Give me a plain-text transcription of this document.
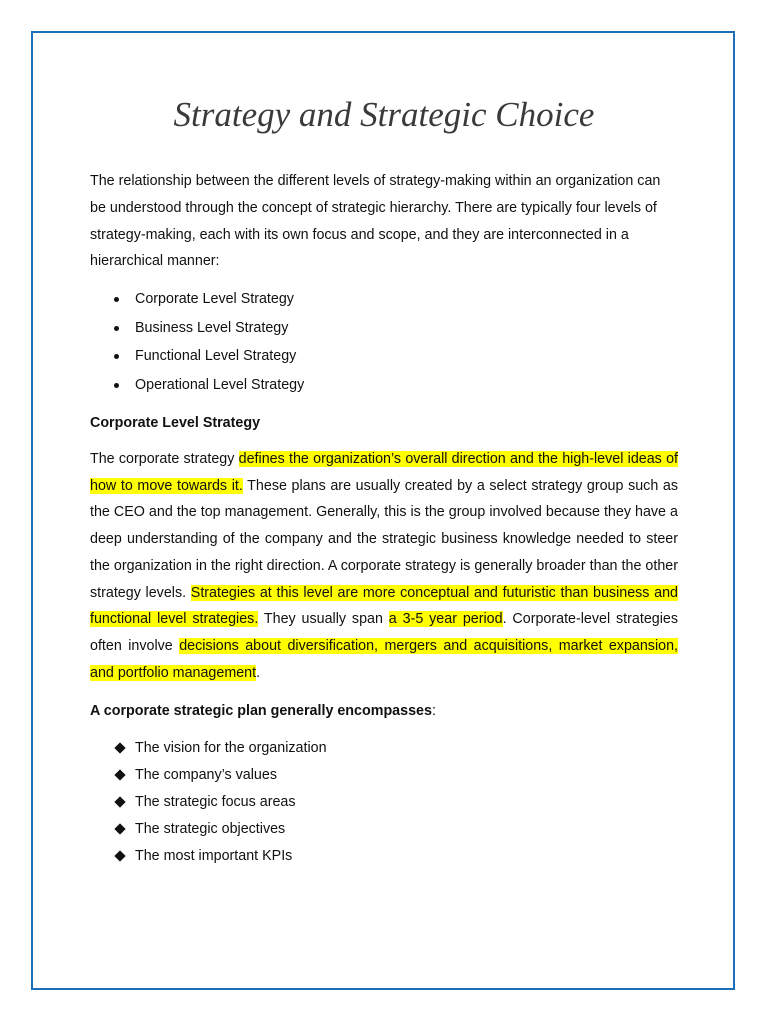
Strategy and Strategic Choice

The relationship between the different levels of strategy-making within an organization can be understood through the concept of strategic hierarchy. There are typically four levels of strategy-making, each with its own focus and scope, and they are interconnected in a hierarchical manner:

Corporate Level Strategy
Business Level Strategy
Functional Level Strategy
Operational Level Strategy

Corporate Level Strategy

The corporate strategy defines the organization’s overall direction and the high-level ideas of how to move towards it. These plans are usually created by a select strategy group such as the CEO and the top management. Generally, this is the group involved because they have a deep understanding of the company and the strategic business knowledge needed to steer the organization in the right direction. A corporate strategy is generally broader than the other strategy levels. Strategies at this level are more conceptual and futuristic than business and functional level strategies. They usually span a 3-5 year period. Corporate-level strategies often involve decisions about diversification, mergers and acquisitions, market expansion, and portfolio management.

A corporate strategic plan generally encompasses:

The vision for the organization
The company’s values
The strategic focus areas
The strategic objectives
The most important KPIs
